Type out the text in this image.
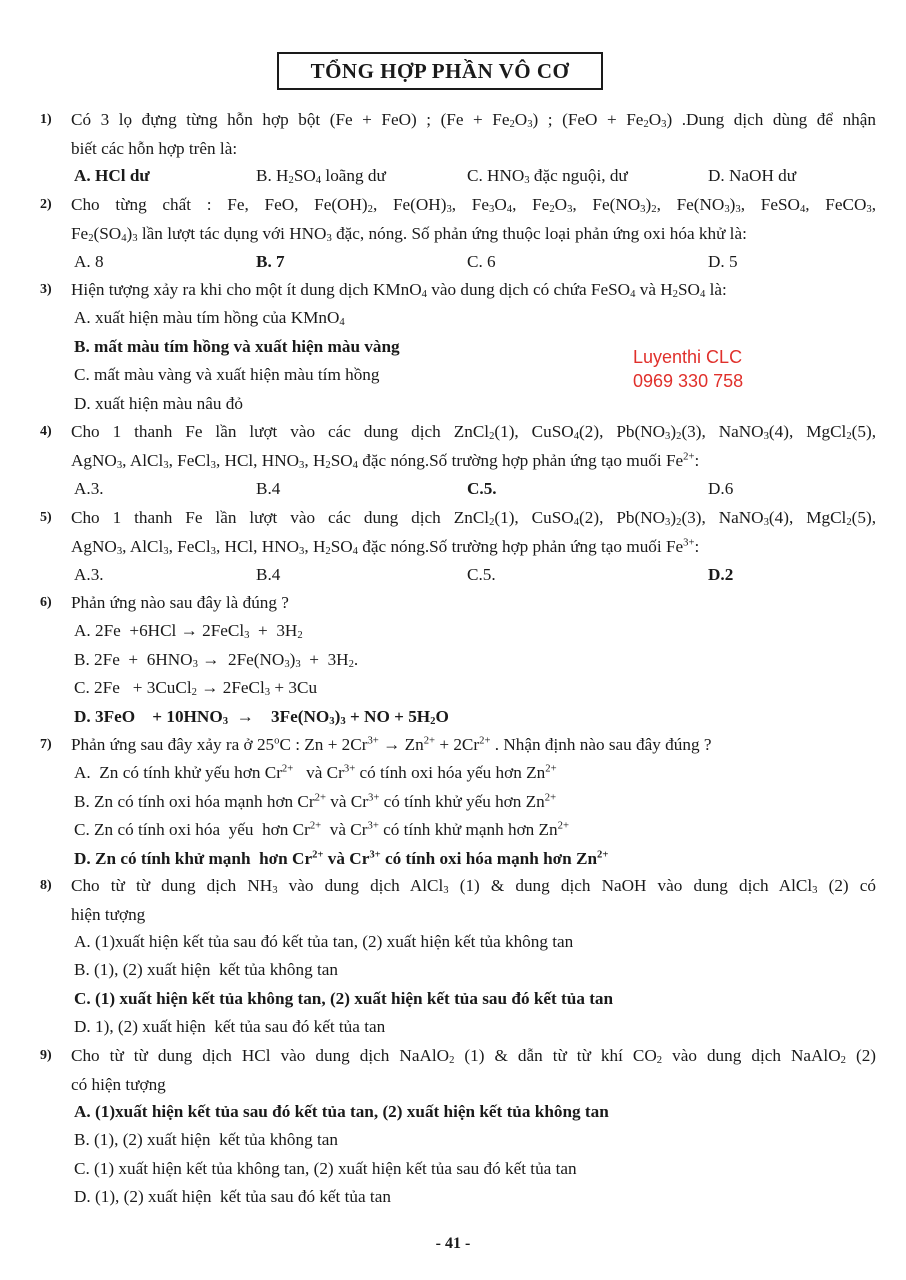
TỔNG HỢP PHẦN VÔ CƠ
Luyenthi CLC
0969 330 758
1) Có 3 lọ đựng từng hỗn hợp bột (Fe + FeO) ; $(Fe + Fe_2O_3)$ ; $(FeO + Fe_2O_3)$ .Dung dịch dùng để nhận
biết các hỗn hợp trên là:
A. HCl dư	B. $H_2SO_4$ loãng dư	C. $HNO_3$ đặc nguội, dư	D. NaOH dư
2) Cho từng chất : Fe, FeO, $Fe(OH)_2$, $Fe(OH)_3$, $Fe_3O_4$, $Fe_2O_3$, $Fe(NO_3)_2$, $Fe(NO_3)_3$, FeSO$_4$, FeCO$_3$,
$Fe_2(SO_4)_3$ lần lượt tác dụng với $HNO_3$ đặc, nóng. Số phản ứng thuộc loại phản ứng oxi hóa khử là:
A. 8	B. 7	C. 6	D. 5
3) Hiện tượng xảy ra khi cho một ít dung dịch KMnO$_4$ vào dung dịch có chứa FeSO$_4$ và $H_2SO_4$ là:
A. xuất hiện màu tím hồng của KMnO$_4$
B. mất màu tím hồng và xuất hiện màu vàng
C. mất màu vàng và xuất hiện màu tím hồng
D. xuất hiện màu nâu đỏ
4) Cho 1 thanh Fe lần lượt vào các dung dịch ZnCl$_2$(1), CuSO$_4$(2), $Pb(NO_3)_2(3)$, NaNO$_3$(4), MgCl$_2$(5),
AgNO$_3$, AlCl$_3$, FeCl$_3$, HCl, $HNO_3$, $H_2SO_4$ đặc nóng.Số trường hợp phản ứng tạo muối $Fe^{2+}$:
A.3.	B.4	C.5.	D.6
5) Cho 1 thanh Fe lần lượt vào các dung dịch ZnCl$_2$(1), CuSO$_4$(2), $Pb(NO_3)_2(3)$, NaNO$_3$(4), MgCl$_2$(5),
AgNO$_3$, AlCl$_3$, FeCl$_3$, HCl, $HNO_3$, $H_2SO_4$ đặc nóng.Số trường hợp phản ứng tạo muối $Fe^{3+}$:
A.3.	B.4	C.5.	D.2
6) Phản ứng nào sau đây là đúng ?
A. 2Fe  +6HCl → 2FeCl$_3$  +  $3H_2$
B. $2Fe + 6HNO_3 \to 2Fe(NO_3)_3 + 3H_2$.
C. 2Fe   + 3CuCl$_2$ → 2FeCl$_3$ + 3Cu
D. 3FeO    + $10HNO_3$  →    $3Fe(NO_3)_3$ + NO + $5H_2O$
7) Phản ứng sau đây xảy ra ở 25$^o$C : $Zn + 2Cr^{3+} \to Zn^{2+} + 2Cr^{2+}$ . Nhận định nào sau đây đúng ?
A.  Zn có tính khử yếu hơn $Cr^{2+}$   và $Cr^{3+}$ có tính oxi hóa yếu hơn $Zn^{2+}$
B. Zn có tính oxi hóa mạnh hơn $Cr^{2+}$ và $Cr^{3+}$ có tính khử yếu hơn $Zn^{2+}$
C. Zn có tính oxi hóa  yếu  hơn $Cr^{2+}$  và $Cr^{3+}$ có tính khử mạnh hơn $Zn^{2+}$
D. Zn có tính khử mạnh  hơn $Cr^{2+}$ và $Cr^{3+}$ có tính oxi hóa mạnh hơn $Zn^{2+}$
8) Cho từ từ dung dịch $NH_3$ vào dung dịch AlCl$_3$ (1) & dung dịch NaOH vào dung dịch AlCl$_3$ (2) có
hiện tượng
A. (1)xuất hiện kết tủa sau đó kết tủa tan, (2) xuất hiện kết tủa không tan
B. (1), (2) xuất hiện  kết tủa không tan
C. (1) xuất hiện kết tủa không tan, (2) xuất hiện kết tủa sau đó kết tủa tan
D. 1), (2) xuất hiện  kết tủa sau đó kết tủa tan
9) Cho từ từ dung dịch HCl vào dung dịch NaAlO$_2$ (1) & dẫn từ từ khí $CO_2$ vào dung dịch NaAlO$_2$ (2)
có hiện tượng
A. (1)xuất hiện kết tủa sau đó kết tủa tan, (2) xuất hiện kết tủa không tan
B. (1), (2) xuất hiện  kết tủa không tan
C. (1) xuất hiện kết tủa không tan, (2) xuất hiện kết tủa sau đó kết tủa tan
D. (1), (2) xuất hiện  kết tủa sau đó kết tủa tan
- 41 -
